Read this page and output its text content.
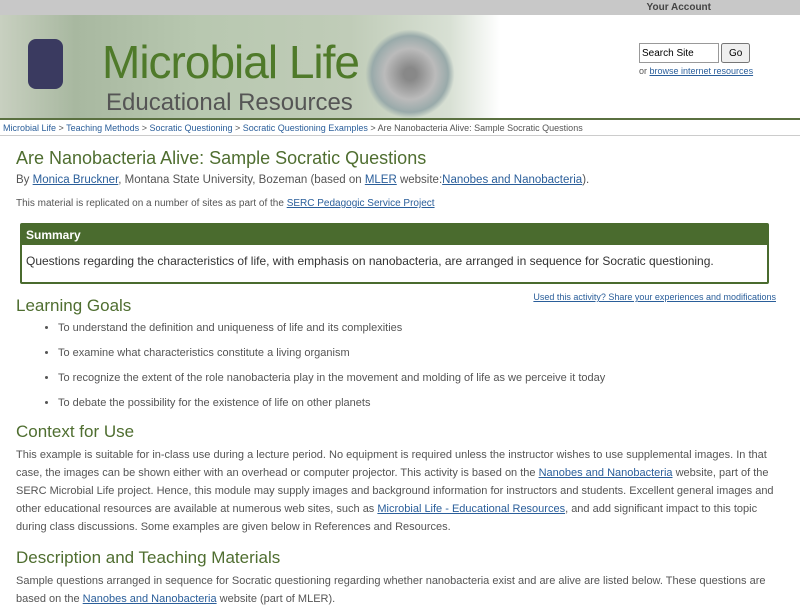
Your Account
Microbial Life
Educational Resources
Search SiteGo
or browse internet resources
Microbial Life > Teaching Methods > Socratic Questioning > Socratic Questioning Examples > Are Nanobacteria Alive: Sample Socratic Questions
Are Nanobacteria Alive: Sample Socratic Questions

By Monica Bruckner, Montana State University, Bozeman (based on MLER website:Nanobes and Nanobacteria).

This material is replicated on a number of sites as part of the SERC Pedagogic Service Project

Summary
Questions regarding the characteristics of life, with emphasis on nanobacteria, are arranged in sequence for Socratic questioning.
Used this activity? Share your experiences and modifications
Learning Goals
• To understand the definition and uniqueness of life and its complexities
• To examine what characteristics constitute a living organism
• To recognize the extent of the role nanobacteria play in the movement and molding of life as we perceive it today
• To debate the possibility for the existence of life on other planets
Context for Use

This example is suitable for in-class use during a lecture period. No equipment is required unless the instructor wishes to use supplemental images. In that case, the images can be shown either with an overhead or computer projector. This activity is based on the Nanobes and Nanobacteria website, part of the SERC Microbial Life project. Hence, this module may supply images and background information for instructors and students. Excellent general images and other educational resources are available at numerous web sites, such as Microbial Life - Educational Resources, and add significant impact to this topic during class discussions. Some examples are given below in References and Resources.

Description and Teaching Materials

Sample questions arranged in sequence for Socratic questioning regarding whether nanobacteria exist and are alive are listed below. These questions are based on the Nanobes and Nanobacteria website (part of MLER).
